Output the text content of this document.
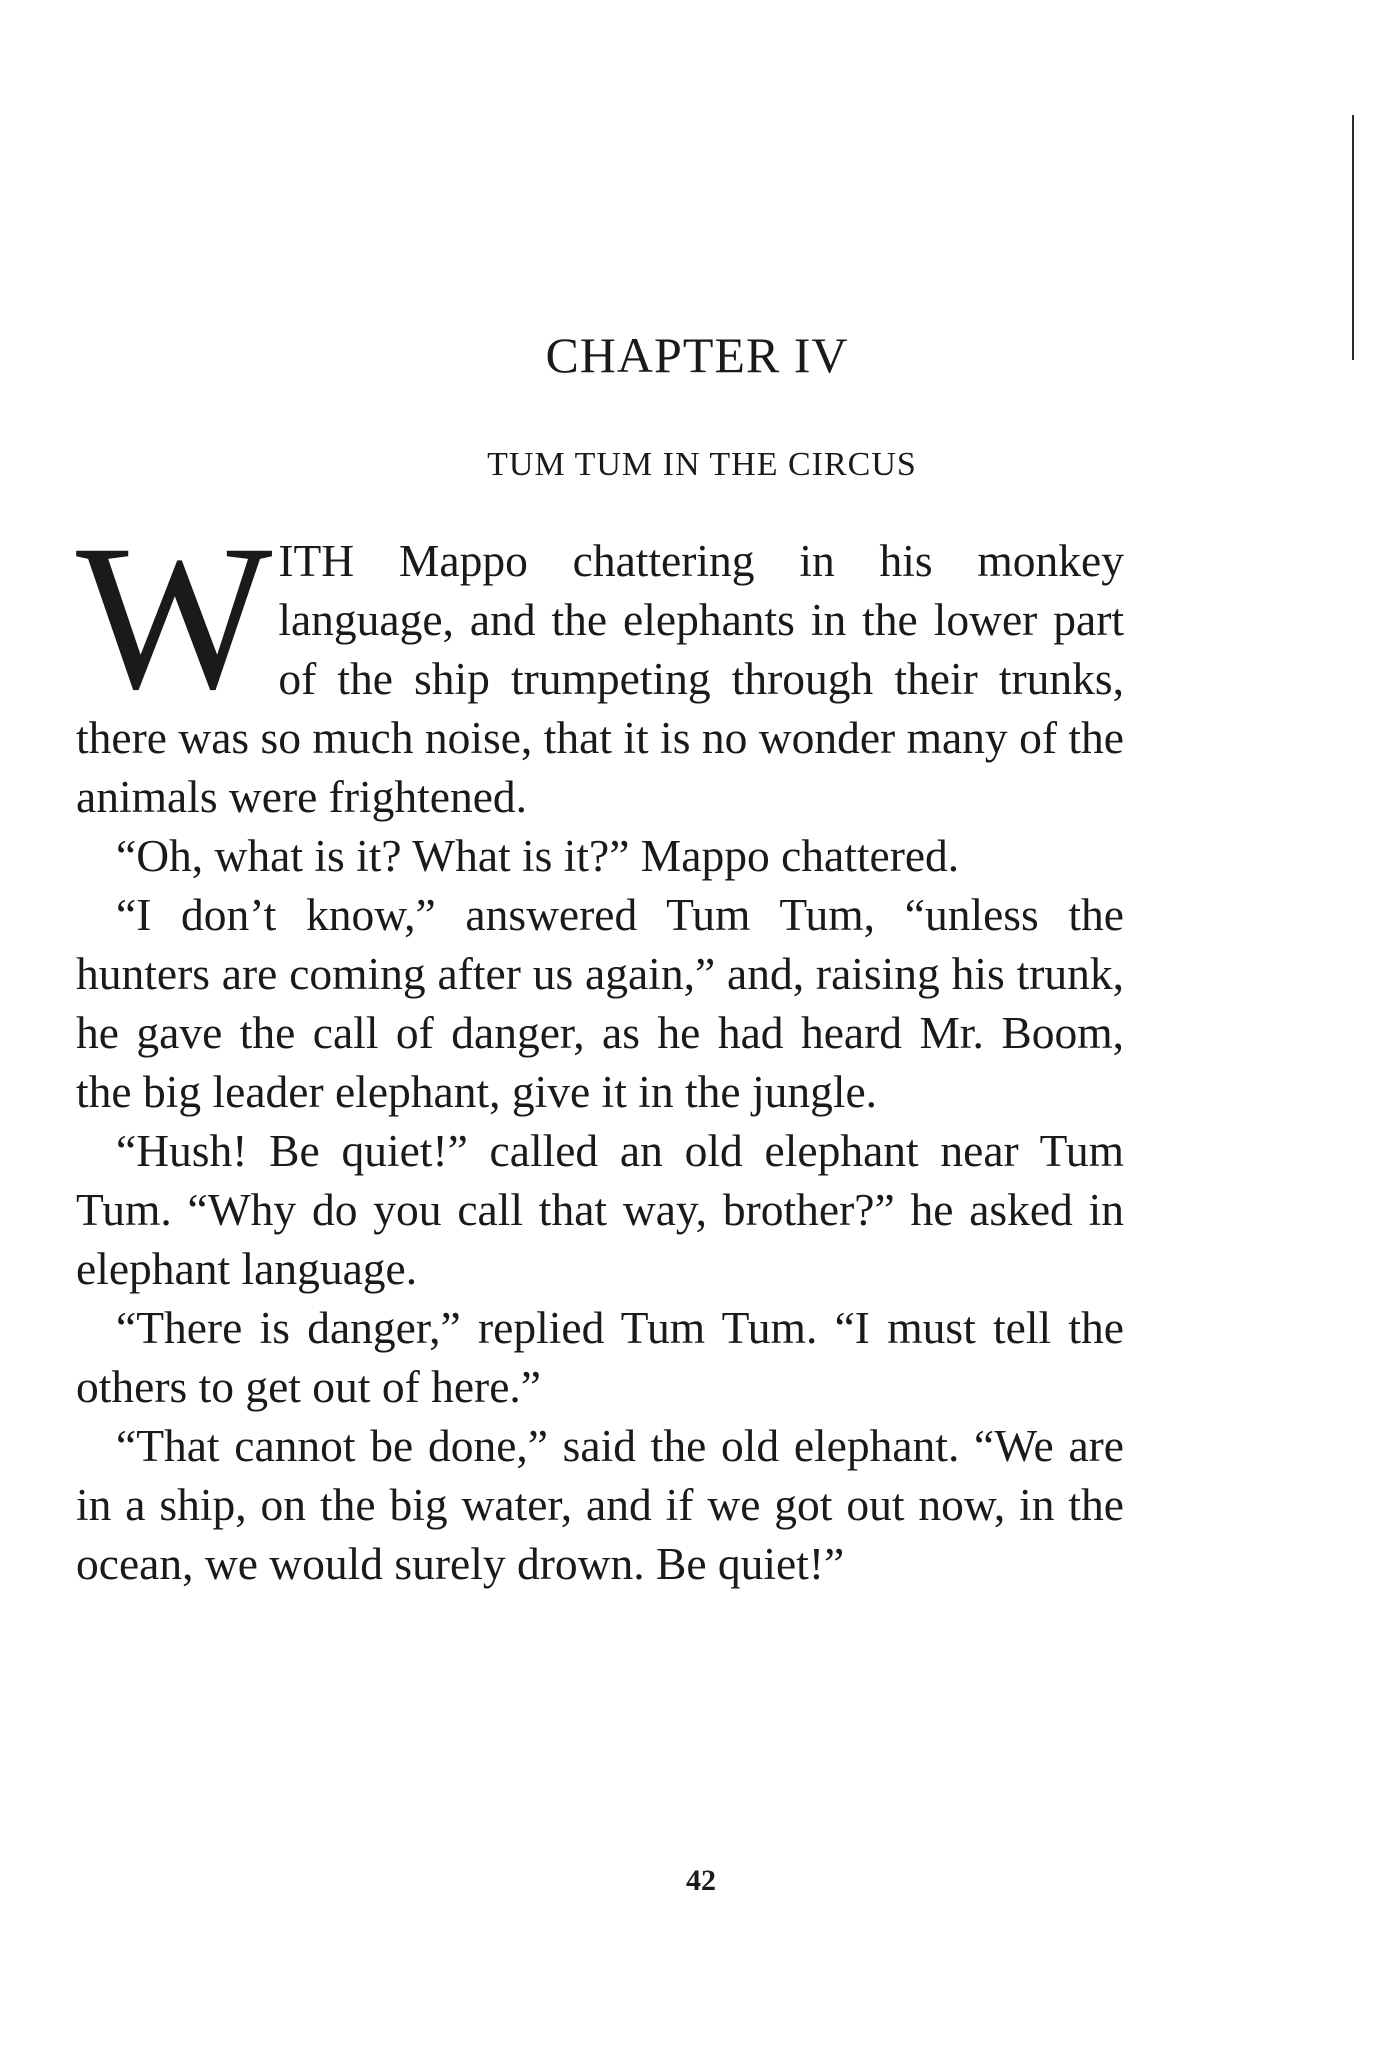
CHAPTER IV
TUM TUM IN THE CIRCUS

WITH Mappo chattering in his monkey language, and the elephants in the lower part of the ship trumpeting through their trunks, there was so much noise, that it is no wonder many of the animals were frightened.

“Oh, what is it? What is it?” Mappo chattered.

“I don’t know,” answered Tum Tum, “unless the hunters are coming after us again,” and, raising his trunk, he gave the call of danger, as he had heard Mr. Boom, the big leader elephant, give it in the jungle.

“Hush! Be quiet!” called an old elephant near Tum Tum. “Why do you call that way, brother?” he asked in elephant language.

“There is danger,” replied Tum Tum. “I must tell the others to get out of here.”

“That cannot be done,” said the old elephant. “We are in a ship, on the big water, and if we got out now, in the ocean, we would surely drown. Be quiet!”

42
